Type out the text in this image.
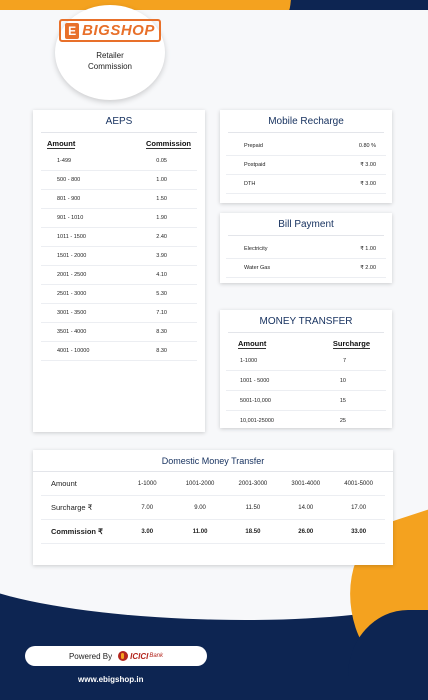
E BIGSHOP
Retailer
Commission
AEPS
Amount	Commission
1-499	0.05
500 - 800	1.00
801 - 900	1.50
901 - 1010	1.90
1011 - 1500	2.40
1501 - 2000	3.90
2001 - 2500	4.10
2501 - 3000	5.30
3001 - 3500	7.10
3501 - 4000	8.30
4001 - 10000	8.30
Mobile Recharge
Prepaid	0.80 %
Postpaid	₹ 3.00
DTH	₹ 3.00
Bill Payment
Electricity	₹ 1.00
Water Gas	₹ 2.00
MONEY TRANSFER
Amount	Surcharge
1-1000	7
1001 - 5000	10
5001-10,000	15
10,001-25000	25
Domestic Money Transfer
Amount	1-1000	1001-2000	2001-3000	3001-4000	4001-5000
Surcharge ₹	7.00	9.00	11.50	14.00	17.00
Commission ₹	3.00	11.00	18.50	26.00	33.00
Powered By ICICI Bank
www.ebigshop.in
